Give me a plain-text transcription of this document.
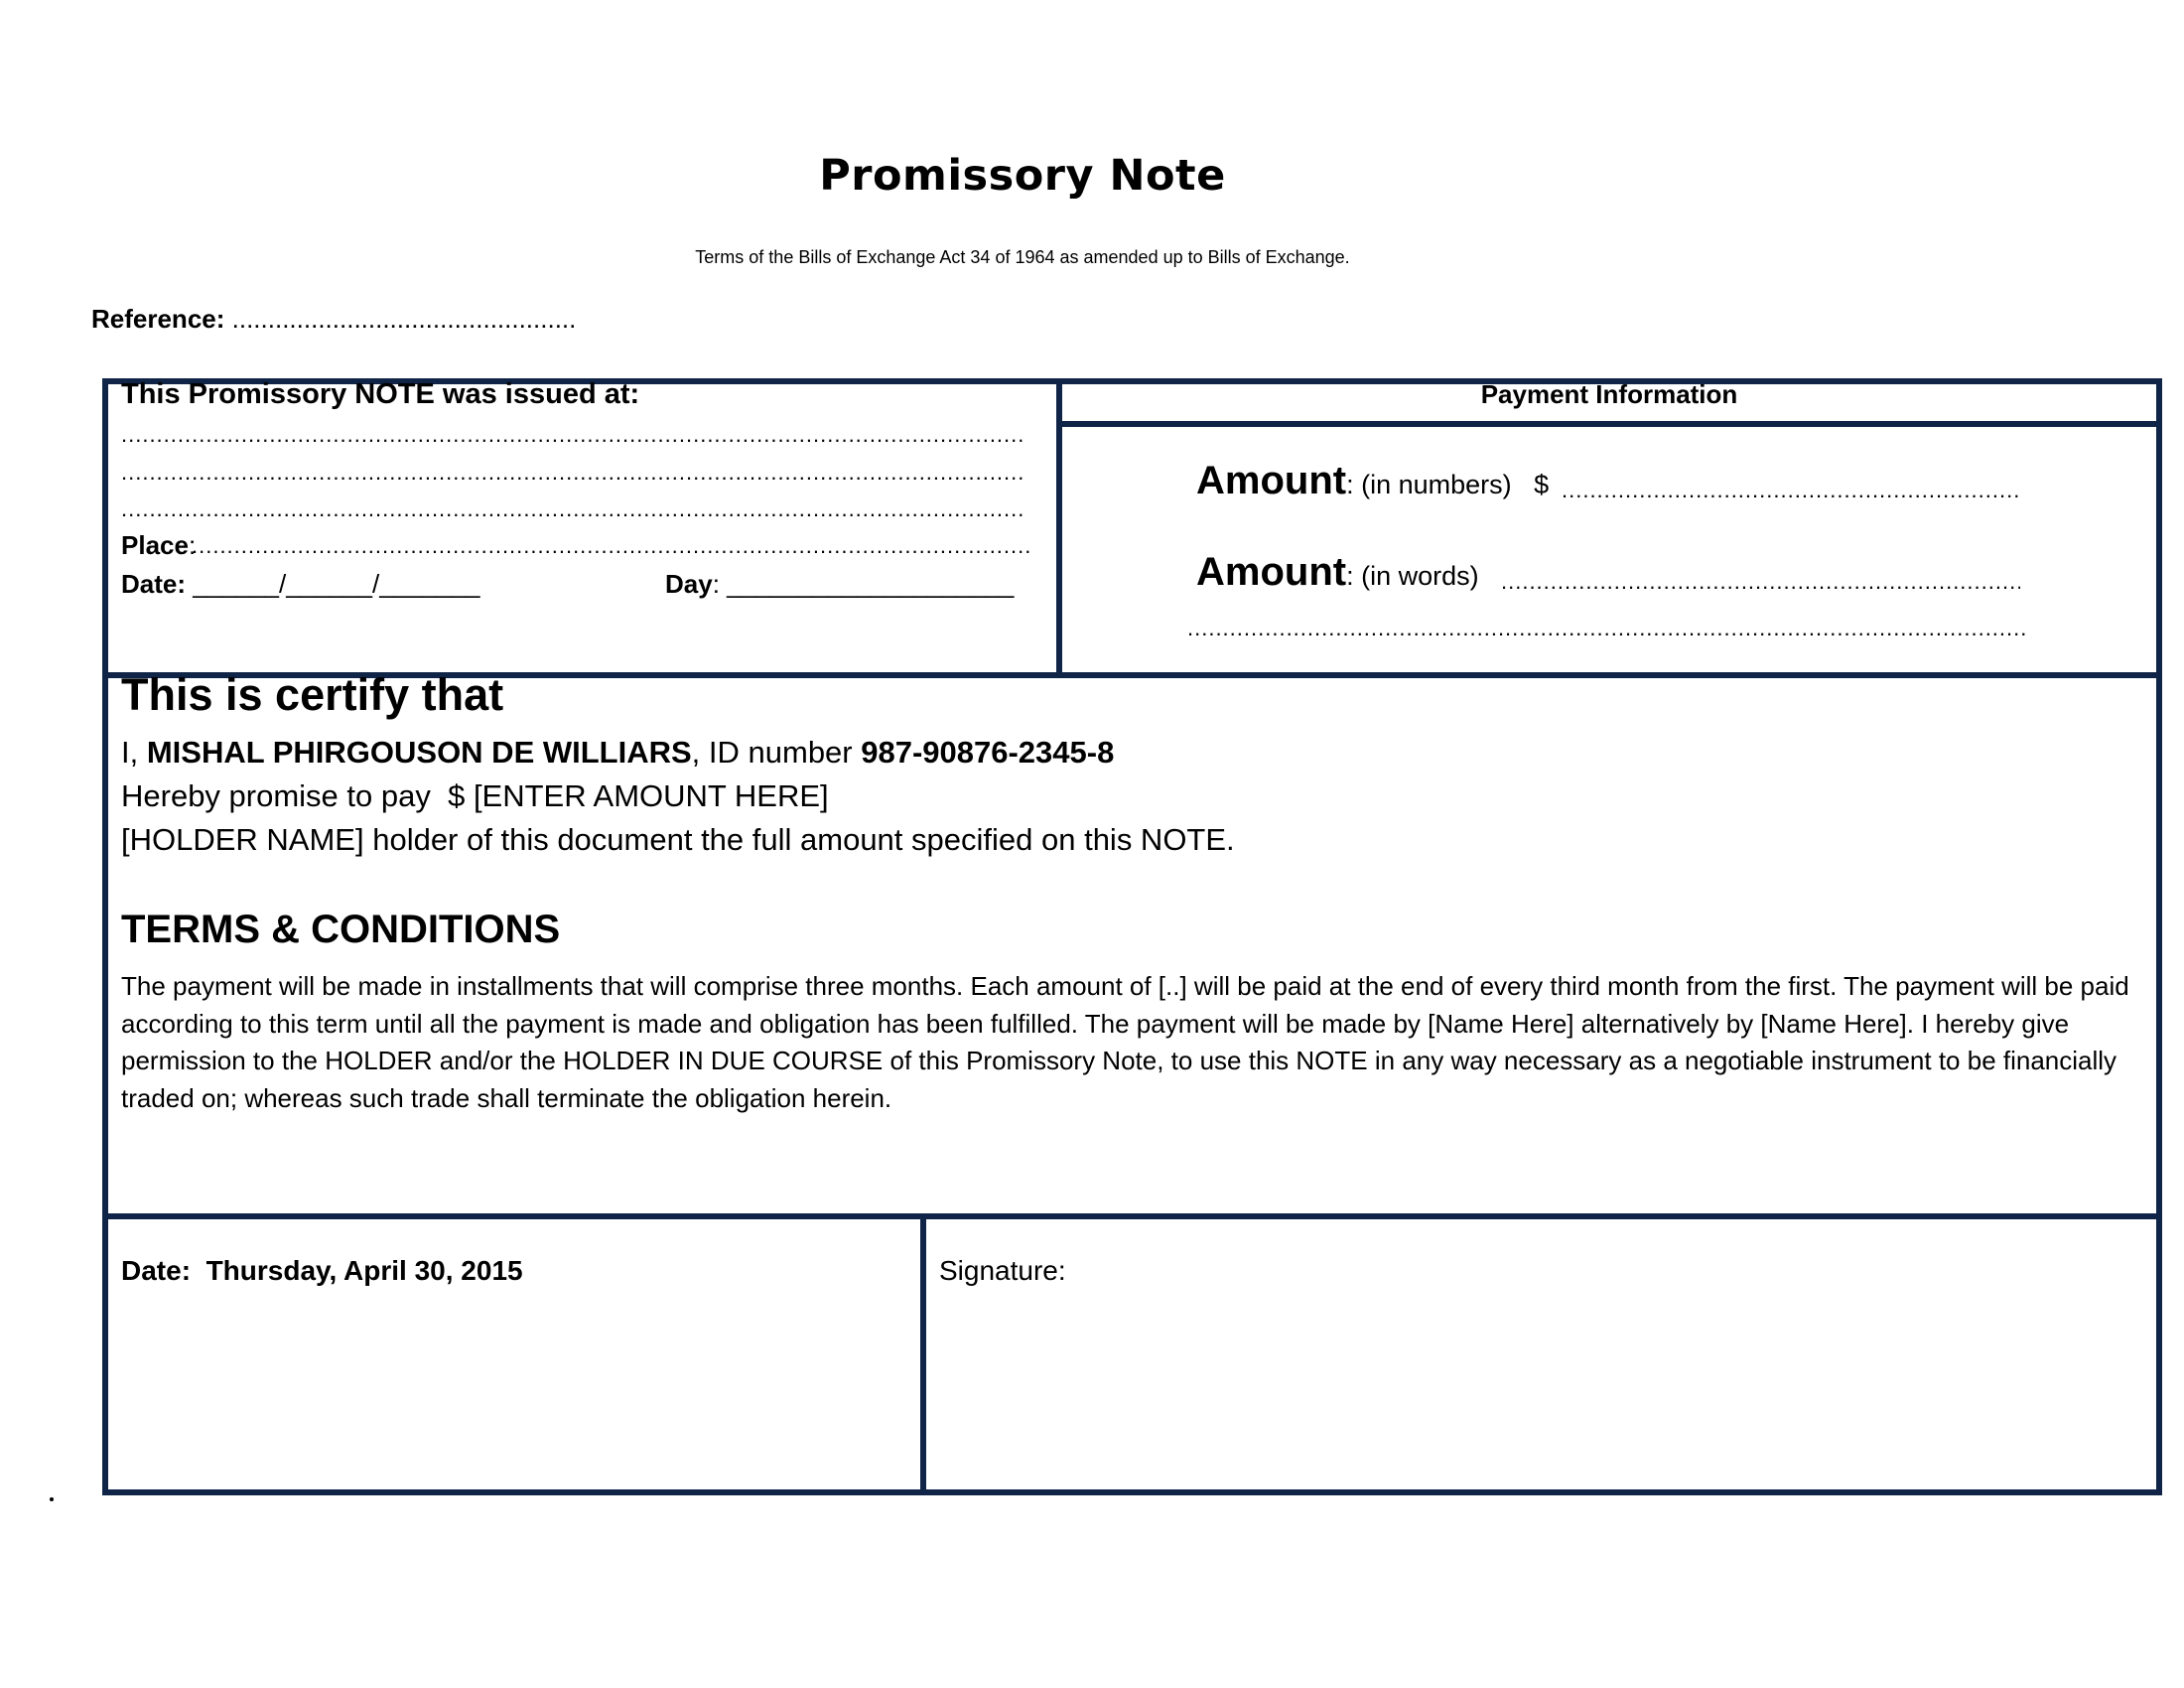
Promissory Note
Terms of the Bills of Exchange Act 34 of 1964 as amended up to Bills of Exchange.
Reference: ................................................
This Promissory NOTE was issued at:
.....
.....
.....
Place:
.....
Date: ______/______/_______	Day: ____________________
Payment Information
Amount: (in numbers) $
.....
Amount: (in words)
.....
.....
This is certify that
I, MISHAL PHIRGOUSON DE WILLIARS, ID number 987-90876-2345-8
Hereby promise to pay  $ [ENTER AMOUNT HERE]
[HOLDER NAME] holder of this document the full amount specified on this NOTE.
TERMS & CONDITIONS
The payment will be made in installments that will comprise three months. Each amount of [..] will be paid at the end of every third month from the first. The payment will be paid according to this term until all the payment is made and obligation has been fulfilled. The payment will be made by [Name Here] alternatively by [Name Here]. I hereby give permission to the HOLDER and/or the HOLDER IN DUE COURSE of this Promissory Note, to use this NOTE in any way necessary as a negotiable instrument to be financially traded on; whereas such trade shall terminate the obligation herein.
Date: Thursday, April 30, 2015	Signature:
